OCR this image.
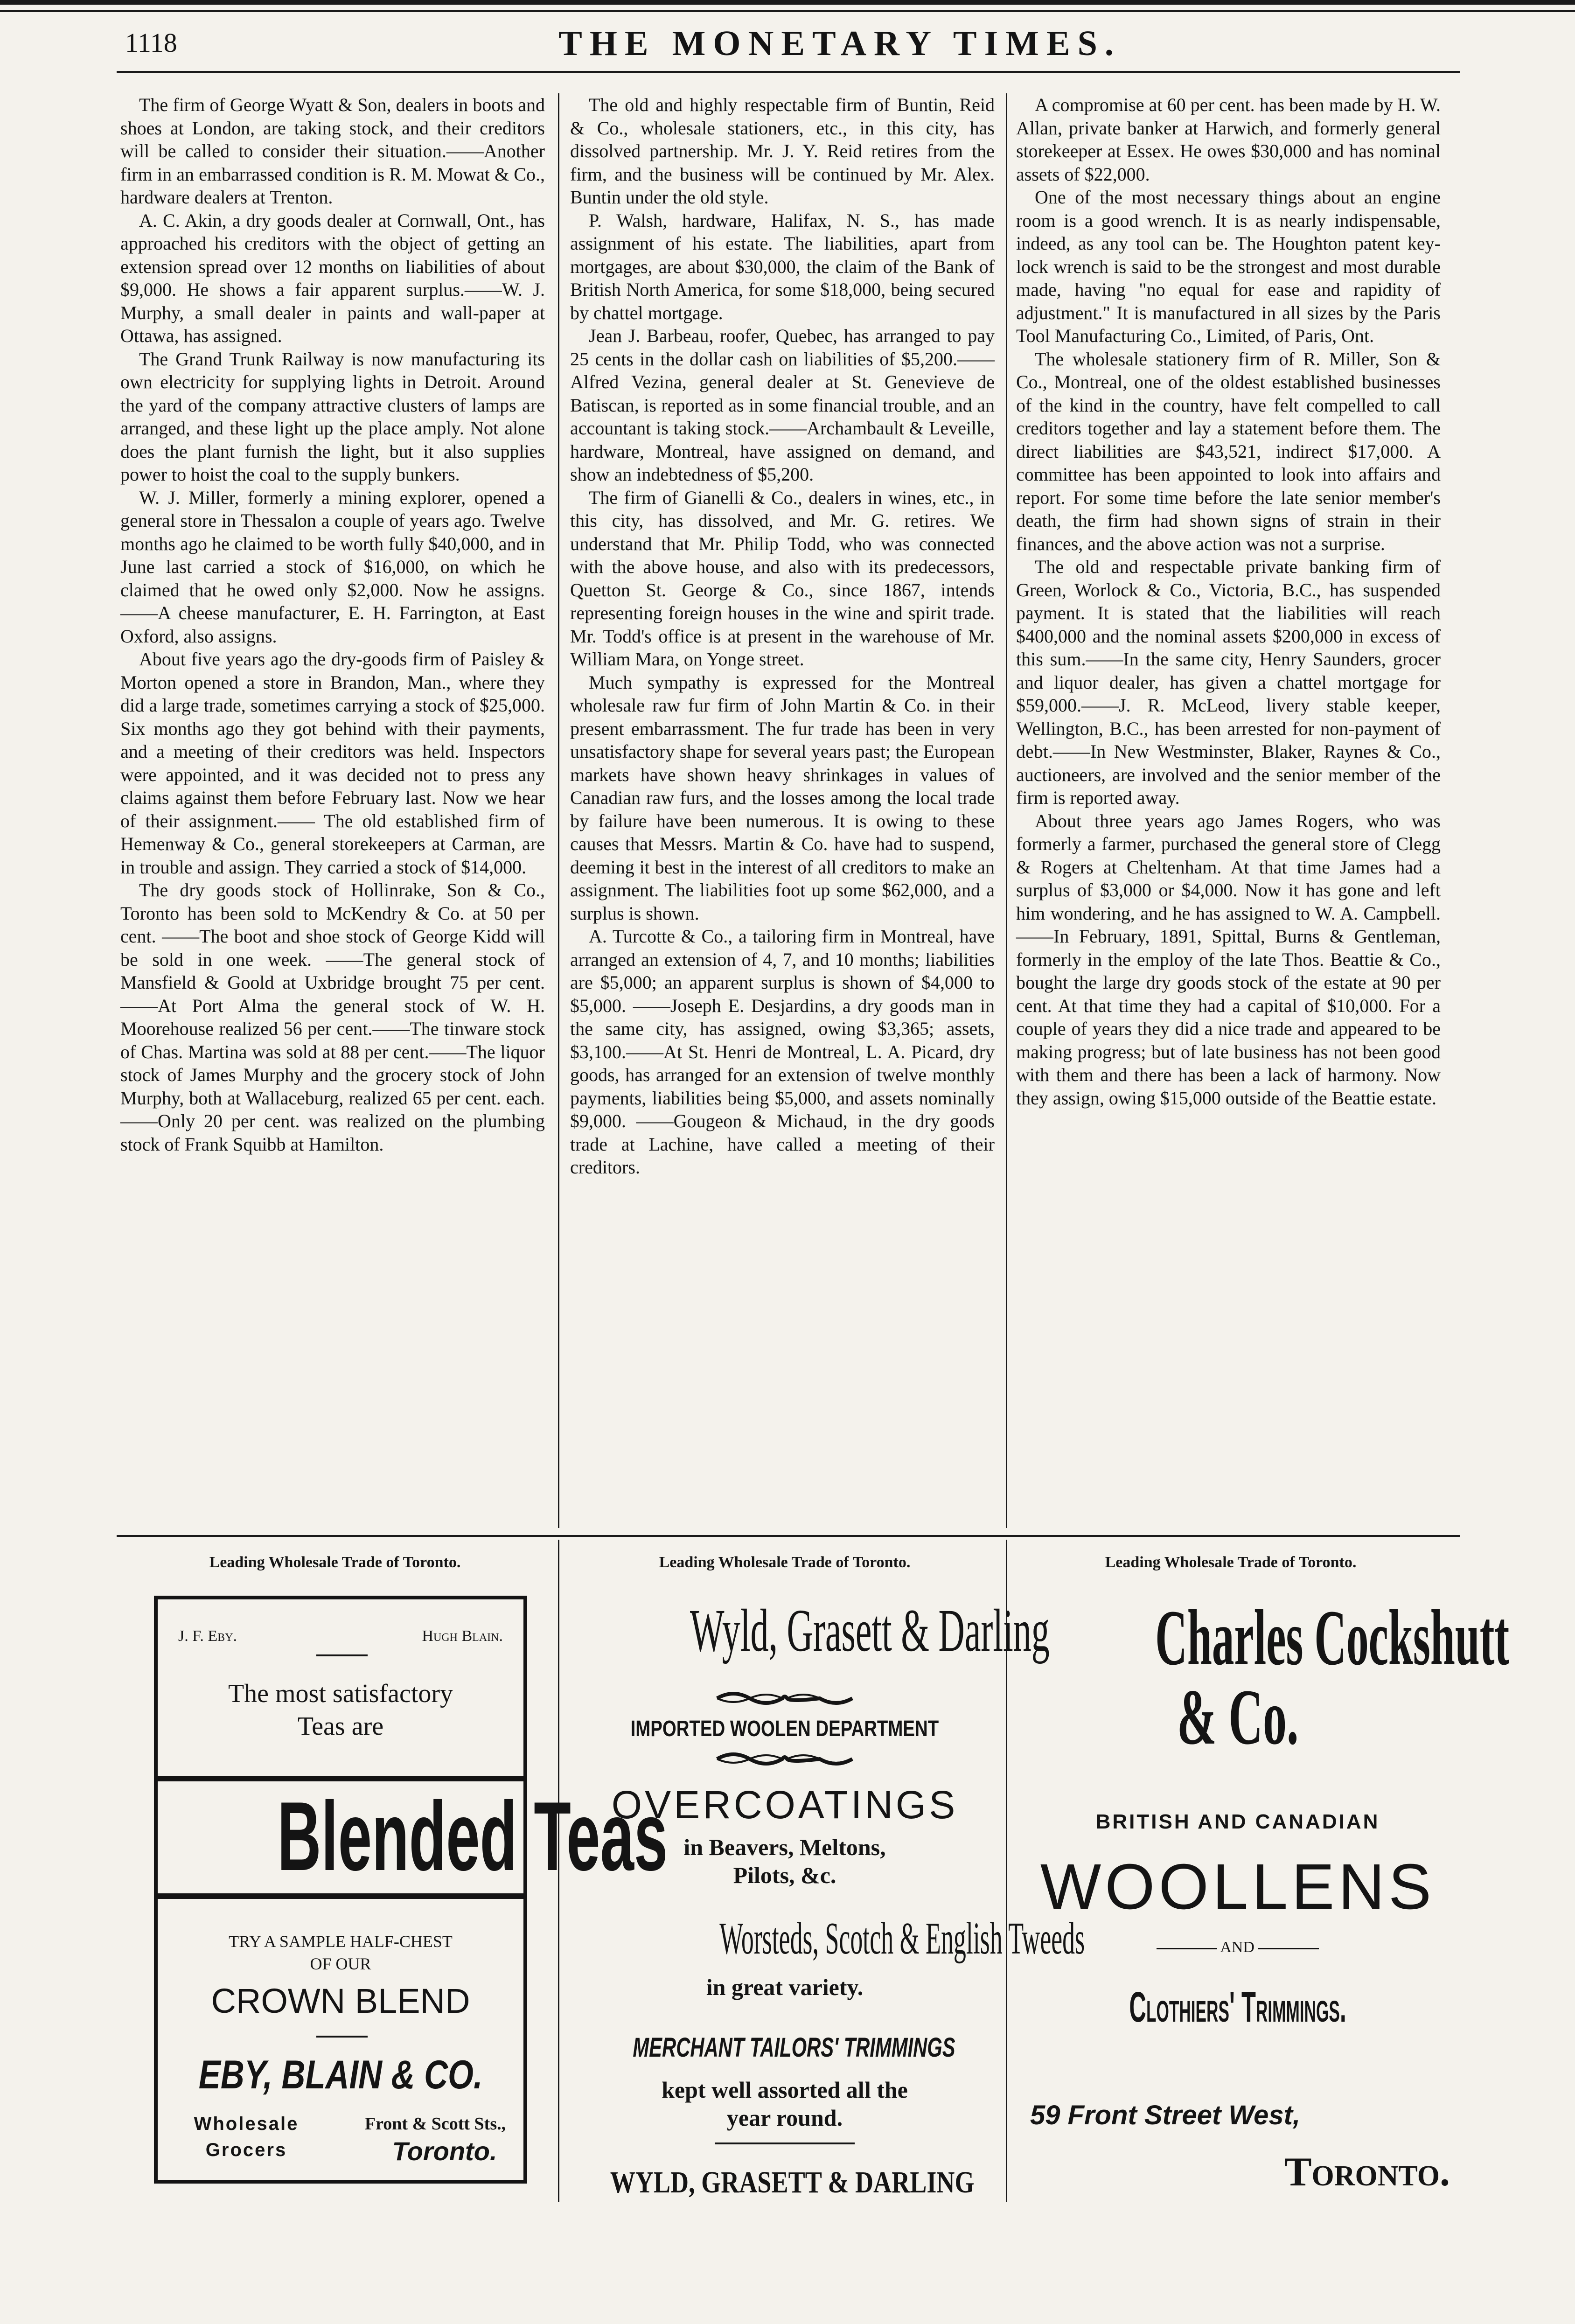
1118	THE MONETARY TIMES.

The firm of George Wyatt & Son, dealers in boots and shoes at London, are taking stock, and their creditors will be called to consider their situation.——Another firm in an embarrassed condition is R. M. Mowat & Co., hardware dealers at Trenton.

A. C. Akin, a dry goods dealer at Cornwall, Ont., has approached his creditors with the object of getting an extension spread over 12 months on liabilities of about $9,000. He shows a fair apparent surplus.——W. J. Murphy, a small dealer in paints and wall-paper at Ottawa, has assigned.

The Grand Trunk Railway is now manufacturing its own electricity for supplying lights in Detroit. Around the yard of the company attractive clusters of lamps are arranged, and these light up the place amply. Not alone does the plant furnish the light, but it also supplies power to hoist the coal to the supply bunkers.

W. J. Miller, formerly a mining explorer, opened a general store in Thessalon a couple of years ago. Twelve months ago he claimed to be worth fully $40,000, and in June last carried a stock of $16,000, on which he claimed that he owed only $2,000. Now he assigns. ——A cheese manufacturer, E. H. Farrington, at East Oxford, also assigns.

About five years ago the dry-goods firm of Paisley & Morton opened a store in Brandon, Man., where they did a large trade, sometimes carrying a stock of $25,000. Six months ago they got behind with their payments, and a meeting of their creditors was held. Inspectors were appointed, and it was decided not to press any claims against them before February last. Now we hear of their assignment.—— The old established firm of Hemenway & Co., general storekeepers at Carman, are in trouble and assign. They carried a stock of $14,000.

The dry goods stock of Hollinrake, Son & Co., Toronto has been sold to McKendry & Co. at 50 per cent. ——The boot and shoe stock of George Kidd will be sold in one week. ——The general stock of Mansfield & Goold at Uxbridge brought 75 per cent.——At Port Alma the general stock of W. H. Moorehouse realized 56 per cent.——The tinware stock of Chas. Martina was sold at 88 per cent.——The liquor stock of James Murphy and the grocery stock of John Murphy, both at Wallaceburg, realized 65 per cent. each.——Only 20 per cent. was realized on the plumbing stock of Frank Squibb at Hamilton.

The old and highly respectable firm of Buntin, Reid & Co., wholesale stationers, etc., in this city, has dissolved partnership. Mr. J. Y. Reid retires from the firm, and the business will be continued by Mr. Alex. Buntin under the old style.

P. Walsh, hardware, Halifax, N. S., has made assignment of his estate. The liabilities, apart from mortgages, are about $30,000, the claim of the Bank of British North America, for some $18,000, being secured by chattel mortgage.

Jean J. Barbeau, roofer, Quebec, has arranged to pay 25 cents in the dollar cash on liabilities of $5,200.——Alfred Vezina, general dealer at St. Genevieve de Batiscan, is reported as in some financial trouble, and an accountant is taking stock.——Archambault & Leveille, hardware, Montreal, have assigned on demand, and show an indebtedness of $5,200.

The firm of Gianelli & Co., dealers in wines, etc., in this city, has dissolved, and Mr. G. retires. We understand that Mr. Philip Todd, who was connected with the above house, and also with its predecessors, Quetton St. George & Co., since 1867, intends representing foreign houses in the wine and spirit trade. Mr. Todd's office is at present in the warehouse of Mr. William Mara, on Yonge street.

Much sympathy is expressed for the Montreal wholesale raw fur firm of John Martin & Co. in their present embarrassment. The fur trade has been in very unsatisfactory shape for several years past; the European markets have shown heavy shrinkages in values of Canadian raw furs, and the losses among the local trade by failure have been numerous. It is owing to these causes that Messrs. Martin & Co. have had to suspend, deeming it best in the interest of all creditors to make an assignment. The liabilities foot up some $62,000, and a surplus is shown.

A. Turcotte & Co., a tailoring firm in Montreal, have arranged an extension of 4, 7, and 10 months; liabilities are $5,000; an apparent surplus is shown of $4,000 to $5,000. ——Joseph E. Desjardins, a dry goods man in the same city, has assigned, owing $3,365; assets, $3,100.——At St. Henri de Montreal, L. A. Picard, dry goods, has arranged for an extension of twelve monthly payments, liabilities being $5,000, and assets nominally $9,000. ——Gougeon & Michaud, in the dry goods trade at Lachine, have called a meeting of their creditors.

A compromise at 60 per cent. has been made by H. W. Allan, private banker at Harwich, and formerly general storekeeper at Essex. He owes $30,000 and has nominal assets of $22,000.

One of the most necessary things about an engine room is a good wrench. It is as nearly indispensable, indeed, as any tool can be. The Houghton patent key-lock wrench is said to be the strongest and most durable made, having "no equal for ease and rapidity of adjustment." It is manufactured in all sizes by the Paris Tool Manufacturing Co., Limited, of Paris, Ont.

The wholesale stationery firm of R. Miller, Son & Co., Montreal, one of the oldest established businesses of the kind in the country, have felt compelled to call creditors together and lay a statement before them. The direct liabilities are $43,521, indirect $17,000. A committee has been appointed to look into affairs and report. For some time before the late senior member's death, the firm had shown signs of strain in their finances, and the above action was not a surprise.

The old and respectable private banking firm of Green, Worlock & Co., Victoria, B.C., has suspended payment. It is stated that the liabilities will reach $400,000 and the nominal assets $200,000 in excess of this sum.——In the same city, Henry Saunders, grocer and liquor dealer, has given a chattel mortgage for $59,000.——J. R. McLeod, livery stable keeper, Wellington, B.C., has been arrested for non-payment of debt.——In New Westminster, Blaker, Raynes & Co., auctioneers, are involved and the senior member of the firm is reported away.

About three years ago James Rogers, who was formerly a farmer, purchased the general store of Clegg & Rogers at Cheltenham. At that time James had a surplus of $3,000 or $4,000. Now it has gone and left him wondering, and he has assigned to W. A. Campbell. ——In February, 1891, Spittal, Burns & Gentleman, formerly in the employ of the late Thos. Beattie & Co., bought the large dry goods stock of the estate at 90 per cent. At that time they had a capital of $10,000. For a couple of years they did a nice trade and appeared to be making progress; but of late business has not been good with them and there has been a lack of harmony. Now they assign, owing $15,000 outside of the Beattie estate.

Leading Wholesale Trade of Toronto.	Leading Wholesale Trade of Toronto.	Leading Wholesale Trade of Toronto.
J. F. Eby.	Hugh Blain.
The most satisfactory
Teas are
Blended Teas
TRY A SAMPLE HALF-CHEST
OF OUR
CROWN BLEND
EBY, BLAIN & CO.
Wholesale
Grocers
Front & Scott Sts.,
Toronto.
Wyld, Grasett & Darling
IMPORTED WOOLEN DEPARTMENT
OVERCOATINGS
in Beavers, Meltons,
Pilots, &c.
Worsteds, Scotch & English Tweeds
in great variety.
MERCHANT TAILORS' TRIMMINGS
kept well assorted all the
year round.
WYLD, GRASETT & DARLING
Charles Cockshutt
& Co.
BRITISH AND CANADIAN
WOOLLENS
AND
Clothiers' Trimmings.
59 Front Street West,
Toronto.
